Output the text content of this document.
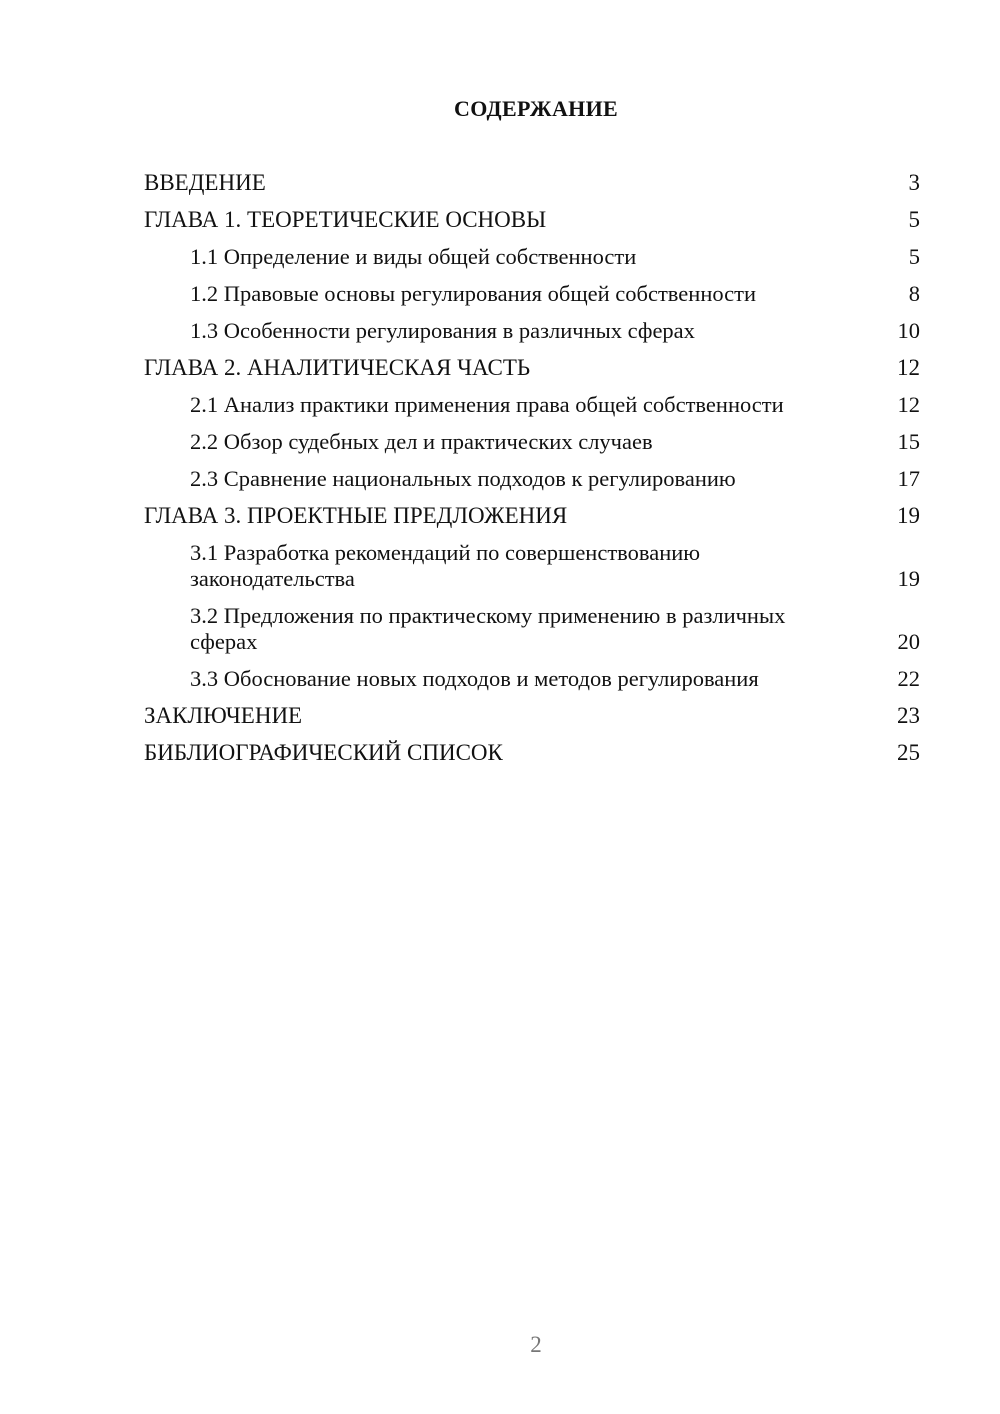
СОДЕРЖАНИЕ
ВВЕДЕНИЕ	3
ГЛАВА 1. ТЕОРЕТИЧЕСКИЕ ОСНОВЫ	5
1.1 Определение и виды общей собственности	5
1.2 Правовые основы регулирования общей собственности	8
1.3 Особенности регулирования в различных сферах	10
ГЛАВА 2. АНАЛИТИЧЕСКАЯ ЧАСТЬ	12
2.1 Анализ практики применения права общей собственности	12
2.2 Обзор судебных дел и практических случаев	15
2.3 Сравнение национальных подходов к регулированию	17
ГЛАВА 3. ПРОЕКТНЫЕ ПРЕДЛОЖЕНИЯ	19
3.1 Разработка рекомендаций по совершенствованию законодательства	19
3.2 Предложения по практическому применению в различных сферах	20
3.3 Обоснование новых подходов и методов регулирования	22
ЗАКЛЮЧЕНИЕ	23
БИБЛИОГРАФИЧЕСКИЙ СПИСОК	25
2
